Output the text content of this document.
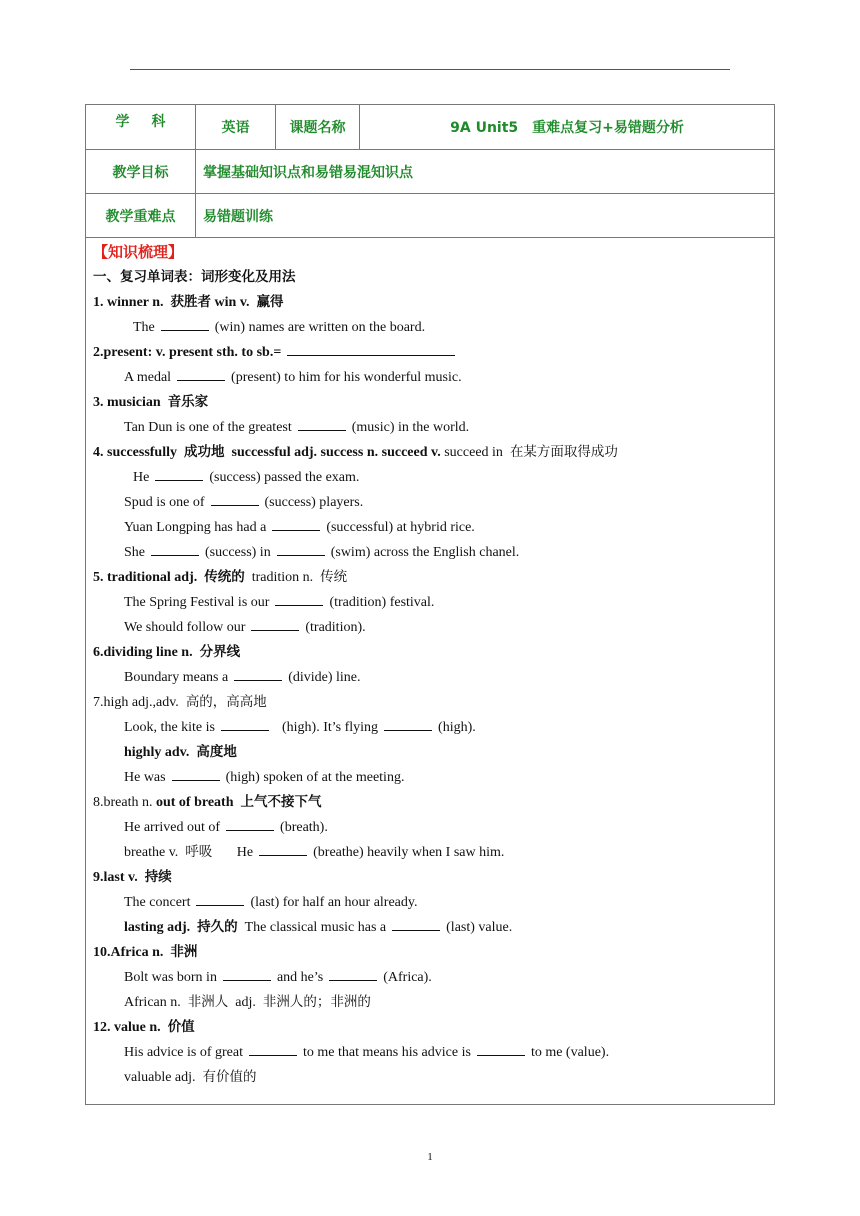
学科	英语	课题名称	9A Unit5　重难点复习+易错题分析
教学目标	掌握基础知识点和易错易混知识点
教学重难点	易错题训练
【知识梳理】
一、复习单词表：词形变化及用法
1. winner n. 获胜者 win v. 赢得
The	(win) names are written on the board.
2.present: v. present sth. to sb.=
A medal	(present) to him for his wonderful music.
3. musician 音乐家
Tan Dun is one of the greatest	(music) in the world.
4. successfully 成功地 successful adj. success n. succeed v. succeed in 在某方面取得成功
He	(success) passed the exam.
Spud is one of	(success) players.
Yuan Longping has had a	(successful) at hybrid rice.
She	(success) in	(swim) across the English chanel.
5. traditional adj. 传统的 tradition n. 传统
The Spring Festival is our	(tradition) festival.
We should follow our	(tradition).
6.dividing line n. 分界线
Boundary means a	(divide) line.
7.high adj.,adv. 高的，高高地
Look, the kite is	(high). It’s flying	(high).
highly adv. 高度地
He was	(high) spoken of at the meeting.
8.breath n. out of breath 上气不接下气
He arrived out of	(breath).
breathe v. 呼吸 He	(breathe) heavily when I saw him.
9.last v. 持续
The concert	(last) for half an hour already.
lasting adj. 持久的 The classical music has a	(last) value.
10.Africa n. 非洲
Bolt was born in	and he’s	(Africa).
African n. 非洲人 adj. 非洲人的；非洲的
12. value n. 价值
His advice is of great	to me that means his advice is	to me (value).
valuable adj. 有价值的
1
